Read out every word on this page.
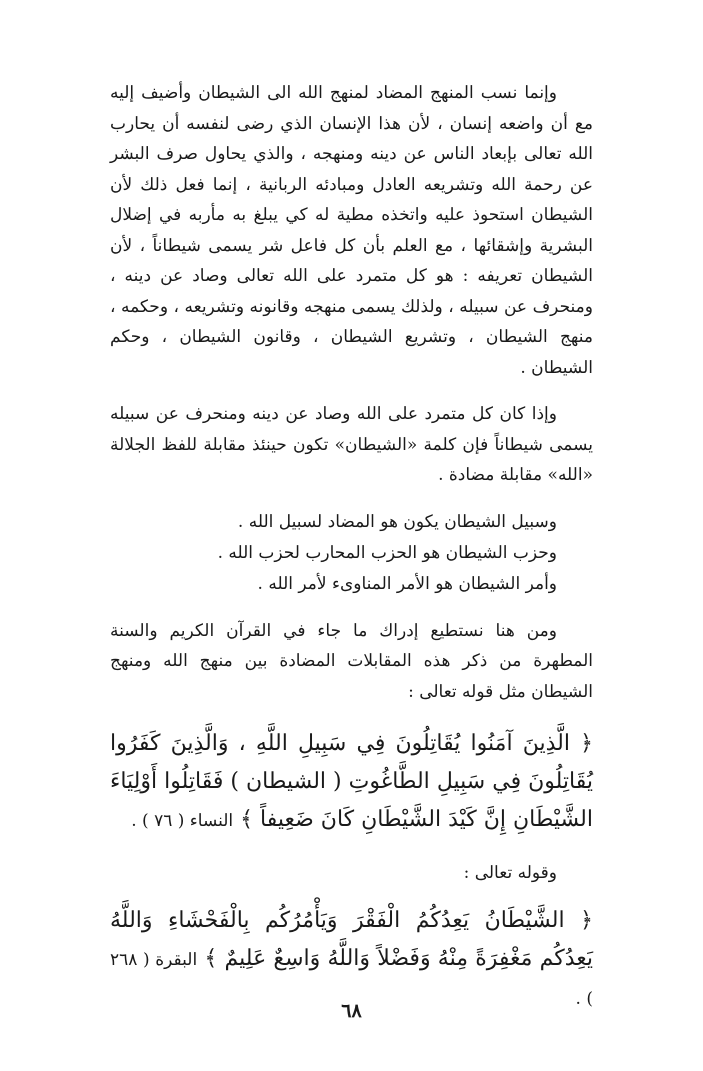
وإنما نسب المنهج المضاد لمنهج الله الى الشيطان وأضيف إليه مع أن واضعه إنسان ، لأن هذا الإنسان الذي رضى لنفسه أن يحارب الله تعالى بإبعاد الناس عن دينه ومنهجه ، والذي يحاول صرف البشر عن رحمة الله وتشريعه العادل ومبادئه الربانية ، إنما فعل ذلك لأن الشيطان استحوذ عليه واتخذه مطية له كي يبلغ به مأربه في إضلال البشرية وإشقائها ، مع العلم بأن كل فاعل شر يسمى شيطاناً ، لأن الشيطان تعريفه : هو كل متمرد على الله تعالى وصاد عن دينه ، ومنحرف عن سبيله ، ولذلك يسمى منهجه وقانونه وتشريعه ، وحكمه ، منهج الشيطان ، وتشريع الشيطان ، وقانون الشيطان ، وحكم الشيطان .

وإذا كان كل متمرد على الله وصاد عن دينه ومنحرف عن سبيله يسمى شيطاناً فإن كلمة «الشيطان» تكون حينئذ مقابلة للفظ الجلالة «الله» مقابلة مضادة .

وسبيل الشيطان يكون هو المضاد لسبيل الله .
وحزب الشيطان هو الحزب المحارب لحزب الله .
وأمر الشيطان هو الأمر المناوىء لأمر الله .

ومن هنا نستطيع إدراك ما جاء في القرآن الكريم والسنة المطهرة من ذكر هذه المقابلات المضادة بين منهج الله ومنهج الشيطان مثل قوله تعالى :

﴿ الَّذِينَ آمَنُوا يُقَاتِلُونَ فِي سَبِيلِ اللَّهِ ، وَالَّذِينَ كَفَرُوا يُقَاتِلُونَ فِي سَبِيلِ الطَّاغُوتِ ( الشيطان ) فَقَاتِلُوا أَوْلِيَاءَ الشَّيْطَانِ إِنَّ كَيْدَ الشَّيْطَانِ كَانَ ضَعِيفاً ﴾ النساء ( ٧٦ ) .

وقوله تعالى :

﴿ الشَّيْطَانُ يَعِدُكُمُ الْفَقْرَ وَيَأْمُرُكُم بِالْفَحْشَاءِ وَاللَّهُ يَعِدُكُم مَغْفِرَةً مِنْهُ وَفَضْلاً وَاللَّهُ وَاسِعٌ عَلِيمٌ ﴾ البقرة ( ٢٦٨ ) .

٦٨
